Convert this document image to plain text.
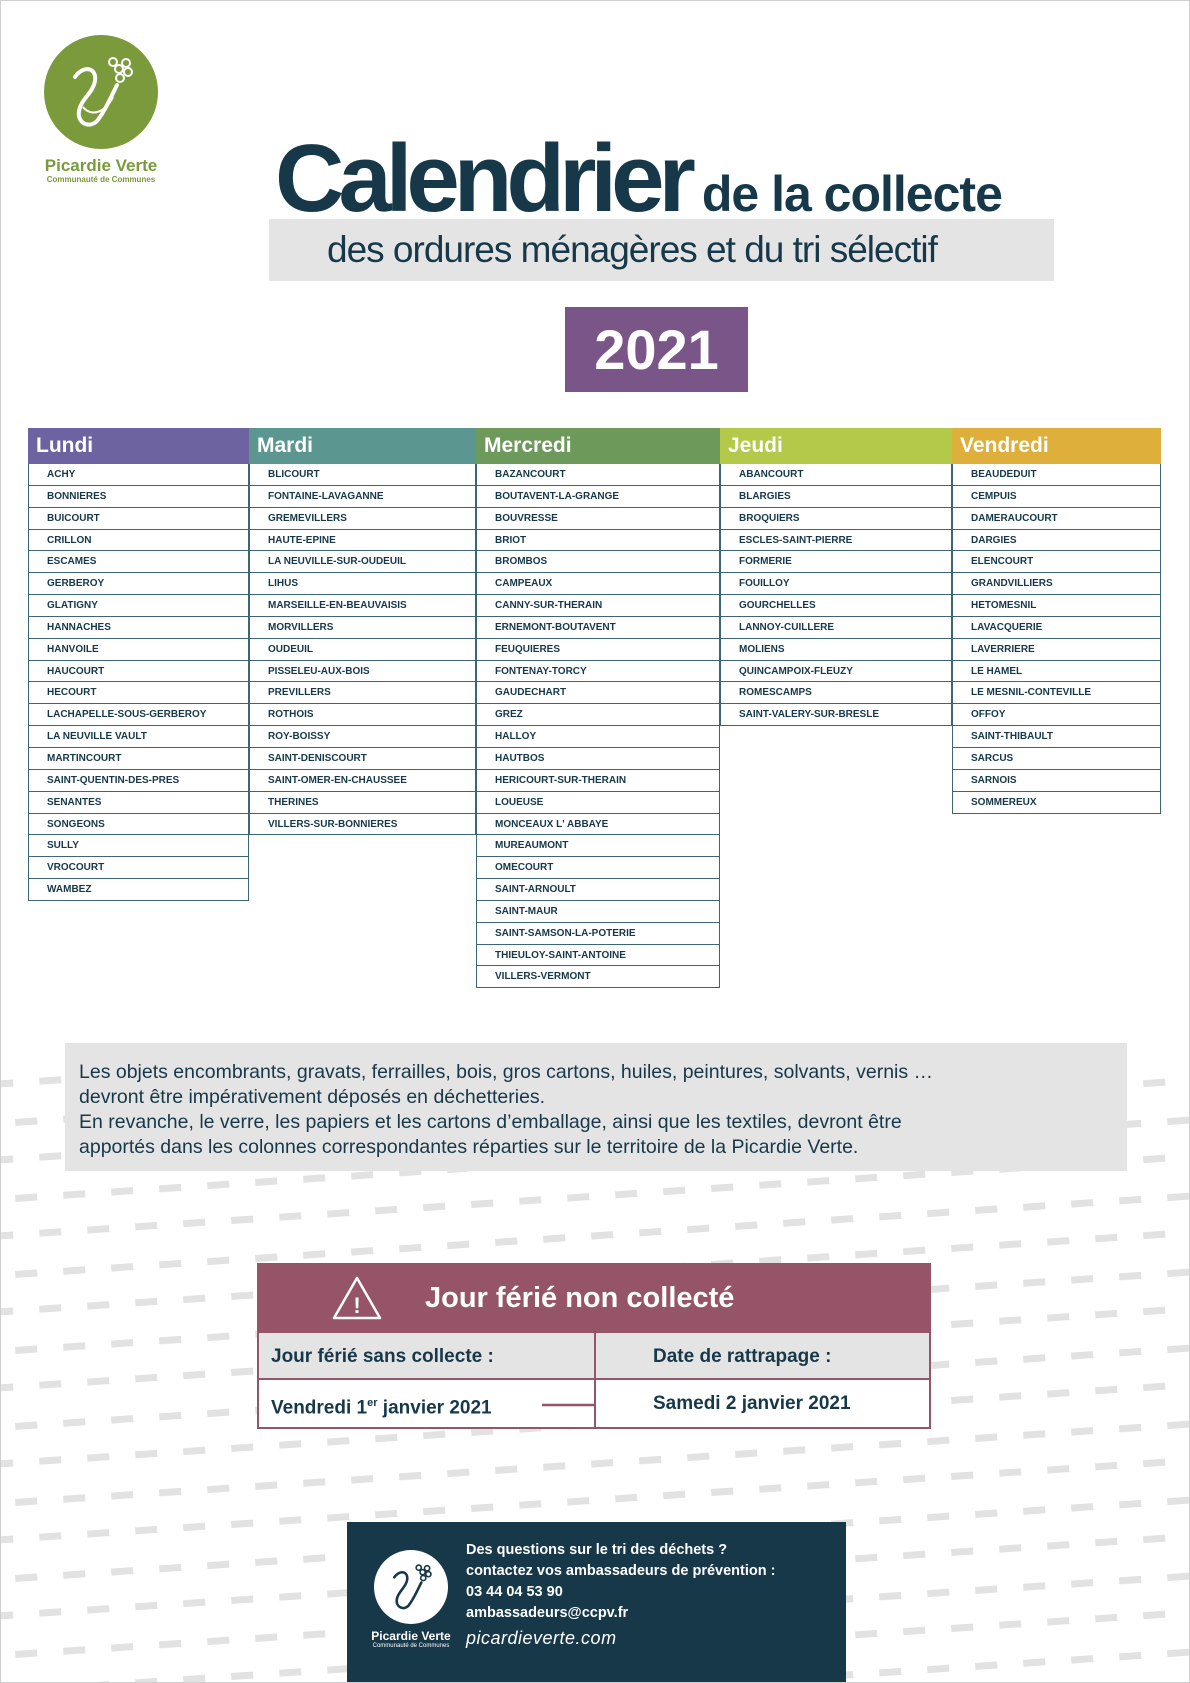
Picardie Verte
Communauté de Communes Calendrier de la collecte
des ordures ménagères et du tri sélectif
2021
Lundi
ACHY
BONNIERES
BUICOURT
CRILLON
ESCAMES
GERBEROY
GLATIGNY
HANNACHES
HANVOILE
HAUCOURT
HECOURT
LACHAPELLE-SOUS-GERBEROY
LA NEUVILLE VAULT
MARTINCOURT
SAINT-QUENTIN-DES-PRES
SENANTES
SONGEONS
SULLY
VROCOURT
WAMBEZ
Mardi
BLICOURT
FONTAINE-LAVAGANNE
GREMEVILLERS
HAUTE-EPINE
LA NEUVILLE-SUR-OUDEUIL
LIHUS
MARSEILLE-EN-BEAUVAISIS
MORVILLERS
OUDEUIL
PISSELEU-AUX-BOIS
PREVILLERS
ROTHOIS
ROY-BOISSY
SAINT-DENISCOURT
SAINT-OMER-EN-CHAUSSEE
THERINES
VILLERS-SUR-BONNIERES
Mercredi
BAZANCOURT
BOUTAVENT-LA-GRANGE
BOUVRESSE
BRIOT
BROMBOS
CAMPEAUX
CANNY-SUR-THERAIN
ERNEMONT-BOUTAVENT
FEUQUIERES
FONTENAY-TORCY
GAUDECHART
GREZ
HALLOY
HAUTBOS
HERICOURT-SUR-THERAIN
LOUEUSE
MONCEAUX L' ABBAYE
MUREAUMONT
OMECOURT
SAINT-ARNOULT
SAINT-MAUR
SAINT-SAMSON-LA-POTERIE
THIEULOY-SAINT-ANTOINE
VILLERS-VERMONT
Jeudi
ABANCOURT
BLARGIES
BROQUIERS
ESCLES-SAINT-PIERRE
FORMERIE
FOUILLOY
GOURCHELLES
LANNOY-CUILLERE
MOLIENS
QUINCAMPOIX-FLEUZY
ROMESCAMPS
SAINT-VALERY-SUR-BRESLE
Vendredi
BEAUDEDUIT
CEMPUIS
DAMERAUCOURT
DARGIES
ELENCOURT
GRANDVILLIERS
HETOMESNIL
LAVACQUERIE
LAVERRIERE
LE HAMEL
LE MESNIL-CONTEVILLE
OFFOY
SAINT-THIBAULT
SARCUS
SARNOIS
SOMMEREUX

Les objets encombrants, gravats, ferrailles, bois, gros cartons, huiles, peintures, solvants, vernis …

devront être impérativement déposés en déchetteries.

En revanche, le verre, les papiers et les cartons d’emballage, ainsi que les textiles, devront être

apportés dans les colonnes correspondantes réparties sur le territoire de la Picardie Verte.

! Jour férié non collecté
Jour férié sans collecte :
Vendredi 1er janvier 2021
Date de rattrapage :
Samedi 2 janvier 2021
Picardie Verte
Communauté de Communes
Des questions sur le tri des déchets ?
contactez vos ambassadeurs de prévention :
03 44 04 53 90
ambassadeurs@ccpv.fr
picardieverte.com
